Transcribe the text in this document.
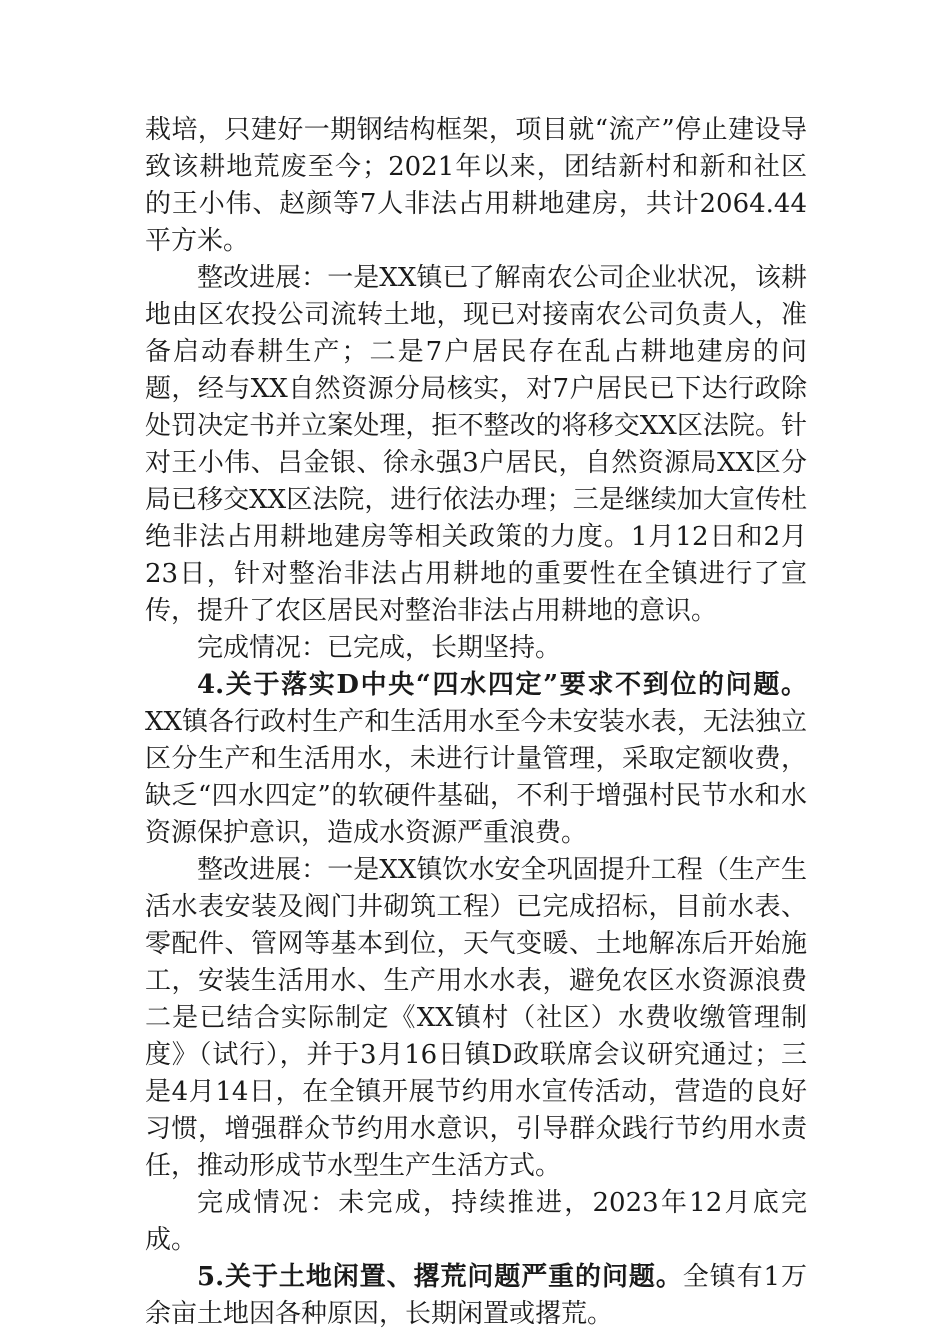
栽培，只建好一期钢结构框架，项目就“流产”停止建设导致该耕地荒废至今；2021年以来，团结新村和新和社区的王小伟、赵颜等7人非法占用耕地建房，共计2064.44平方米。

整改进展：一是XX镇已了解南农公司企业状况，该耕地由区农投公司流转土地，现已对接南农公司负责人，准备启动春耕生产；二是7户居民存在乱占耕地建房的问题，经与XX自然资源分局核实，对7户居民已下达行政除处罚决定书并立案处理，拒不整改的将移交XX区法院。针对王小伟、吕金银、徐永强3户居民，自然资源局XX区分局已移交XX区法院，进行依法办理；三是继续加大宣传杜绝非法占用耕地建房等相关政策的力度。1月12日和2月23日，针对整治非法占用耕地的重要性在全镇进行了宣传，提升了农区居民对整治非法占用耕地的意识。

完成情况：已完成，长期坚持。

4.关于落实D中央“四水四定”要求不到位的问题。XX镇各行政村生产和生活用水至今未安装水表，无法独立区分生产和生活用水，未进行计量管理，采取定额收费，缺乏“四水四定”的软硬件基础，不利于增强村民节水和水资源保护意识，造成水资源严重浪费。

整改进展：一是XX镇饮水安全巩固提升工程（生产生活水表安装及阀门井砌筑工程）已完成招标，目前水表、零配件、管网等基本到位，天气变暖、土地解冻后开始施工，安装生活用水、生产用水水表，避免农区水资源浪费二是已结合实际制定《XX镇村（社区）水费收缴管理制度》（试行），并于3月16日镇D政联席会议研究通过；三是4月14日，在全镇开展节约用水宣传活动，营造的良好习惯，增强群众节约用水意识，引导群众践行节约用水责任，推动形成节水型生产生活方式。

完成情况：未完成，持续推进，2023年12月底完成。

5.关于土地闲置、撂荒问题严重的问题。全镇有1万余亩土地因各种原因，长期闲置或撂荒。
